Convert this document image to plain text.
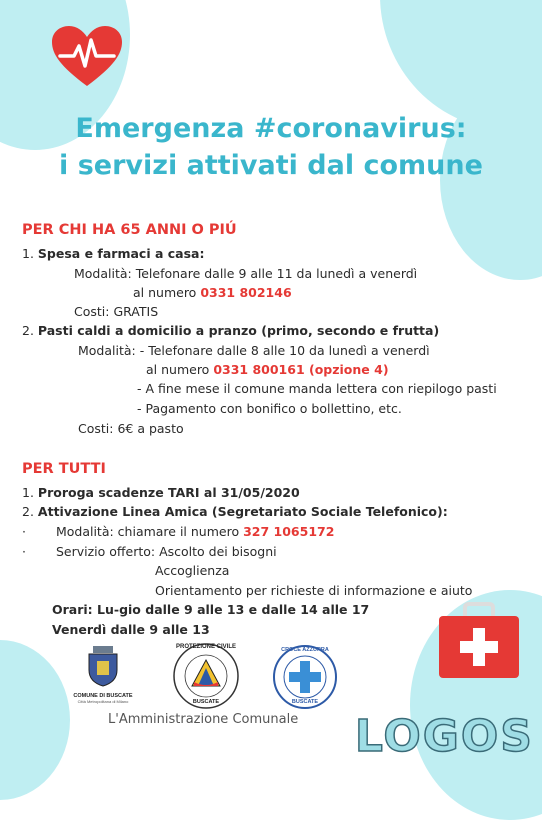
Emergenza #coronavirus:
i servizi attivati dal comune
PER CHI HA 65 ANNI O PIÚ
1. Spesa e farmaci a casa:
Modalità: Telefonare dalle 9 alle 11 da lunedì a venerdì
al numero 0331 802146
Costi: GRATIS
2. Pasti caldi a domicilio a pranzo (primo, secondo e frutta)
Modalità: - Telefonare dalle 8 alle 10 da lunedì a venerdì
al numero 0331 800161 (opzione 4)
- A fine mese il comune manda lettera con riepilogo pasti
- Pagamento con bonifico o bollettino, etc.
Costi: 6€ a pasto
PER TUTTI
1. Proroga scadenze TARI al 31/05/2020
2. Attivazione Linea Amica (Segretariato Sociale Telefonico):
· Modalità: chiamare il numero 327 1065172
· Servizio offerto: Ascolto dei bisogni
Accoglienza
Orientamento per richieste di informazione e aiuto
Orari: Lu-gio dalle 9 alle 13 e dalle 14 alle 17
Venerdì dalle 9 alle 13
COMUNE DI BUSCATE
Città Metropolitana di Milano
PROTEZIONE CIVILE
BUSCATE
CROCE AZZURRA
BUSCATE
L'Amministrazione Comunale LOGOS
